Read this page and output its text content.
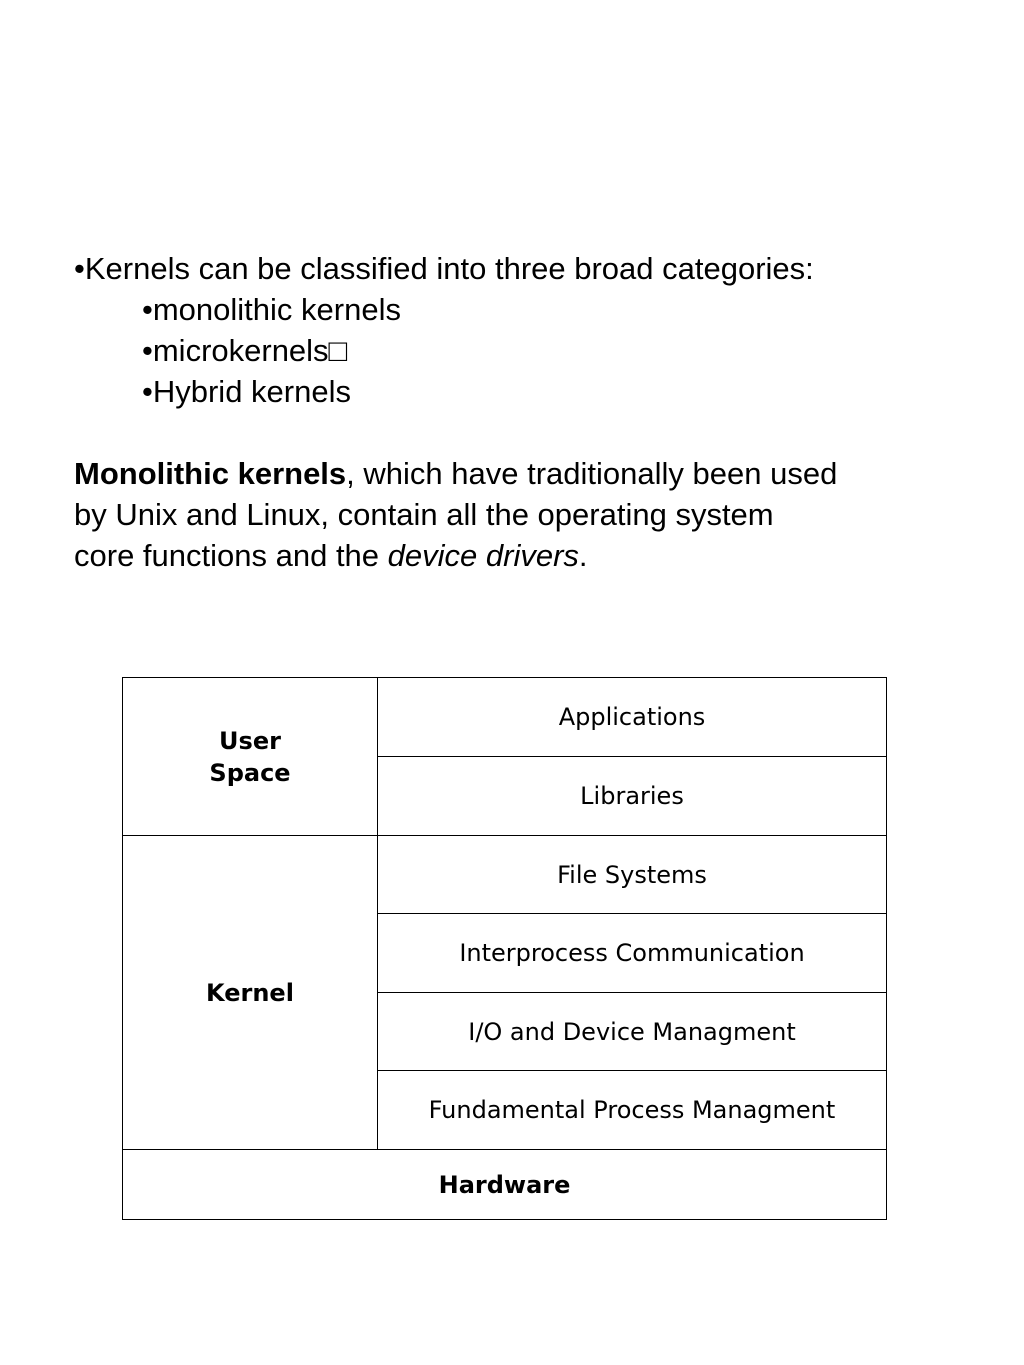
•Kernels can be classified into three broad categories:
•monolithic kernels
•microkernels□
•Hybrid kernels
Monolithic kernels, which have traditionally been used
by Unix and Linux, contain all the operating system
core functions and the device drivers.
User
Space
Kernel
Hardware
Applications
Libraries
File Systems
Interprocess Communication
I/O and Device Managment
Fundamental Process Managment
